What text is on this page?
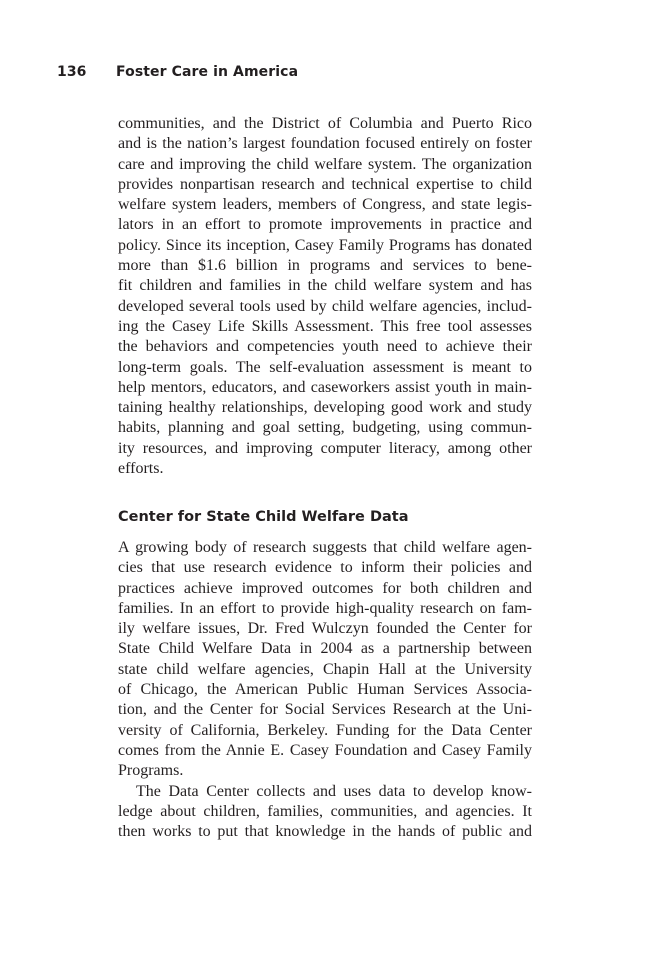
136 Foster Care in America
communities, and the District of Columbia and Puerto Rico
and is the nation’s largest foundation focused entirely on foster
care and improving the child welfare system. The organization
provides nonpartisan research and technical expertise to child
welfare system leaders, members of Congress, and state legis-
lators in an effort to promote improvements in practice and
policy. Since its inception, Casey Family Programs has donated
more than $1.6 billion in programs and services to bene-
fit children and families in the child welfare system and has
developed several tools used by child welfare agencies, includ-
ing the Casey Life Skills Assessment. This free tool assesses
the behaviors and competencies youth need to achieve their
long-term goals. The self-evaluation assessment is meant to
help mentors, educators, and caseworkers assist youth in main-
taining healthy relationships, developing good work and study
habits, planning and goal setting, budgeting, using commun-
ity resources, and improving computer literacy, among other
efforts.
Center for State Child Welfare Data
A growing body of research suggests that child welfare agen-
cies that use research evidence to inform their policies and
practices achieve improved outcomes for both children and
families. In an effort to provide high-quality research on fam-
ily welfare issues, Dr. Fred Wulczyn founded the Center for
State Child Welfare Data in 2004 as a partnership between
state child welfare agencies, Chapin Hall at the University
of Chicago, the American Public Human Services Associa-
tion, and the Center for Social Services Research at the Uni-
versity of California, Berkeley. Funding for the Data Center
comes from the Annie E. Casey Foundation and Casey Family
Programs.
The Data Center collects and uses data to develop know-
ledge about children, families, communities, and agencies. It
then works to put that knowledge in the hands of public and
